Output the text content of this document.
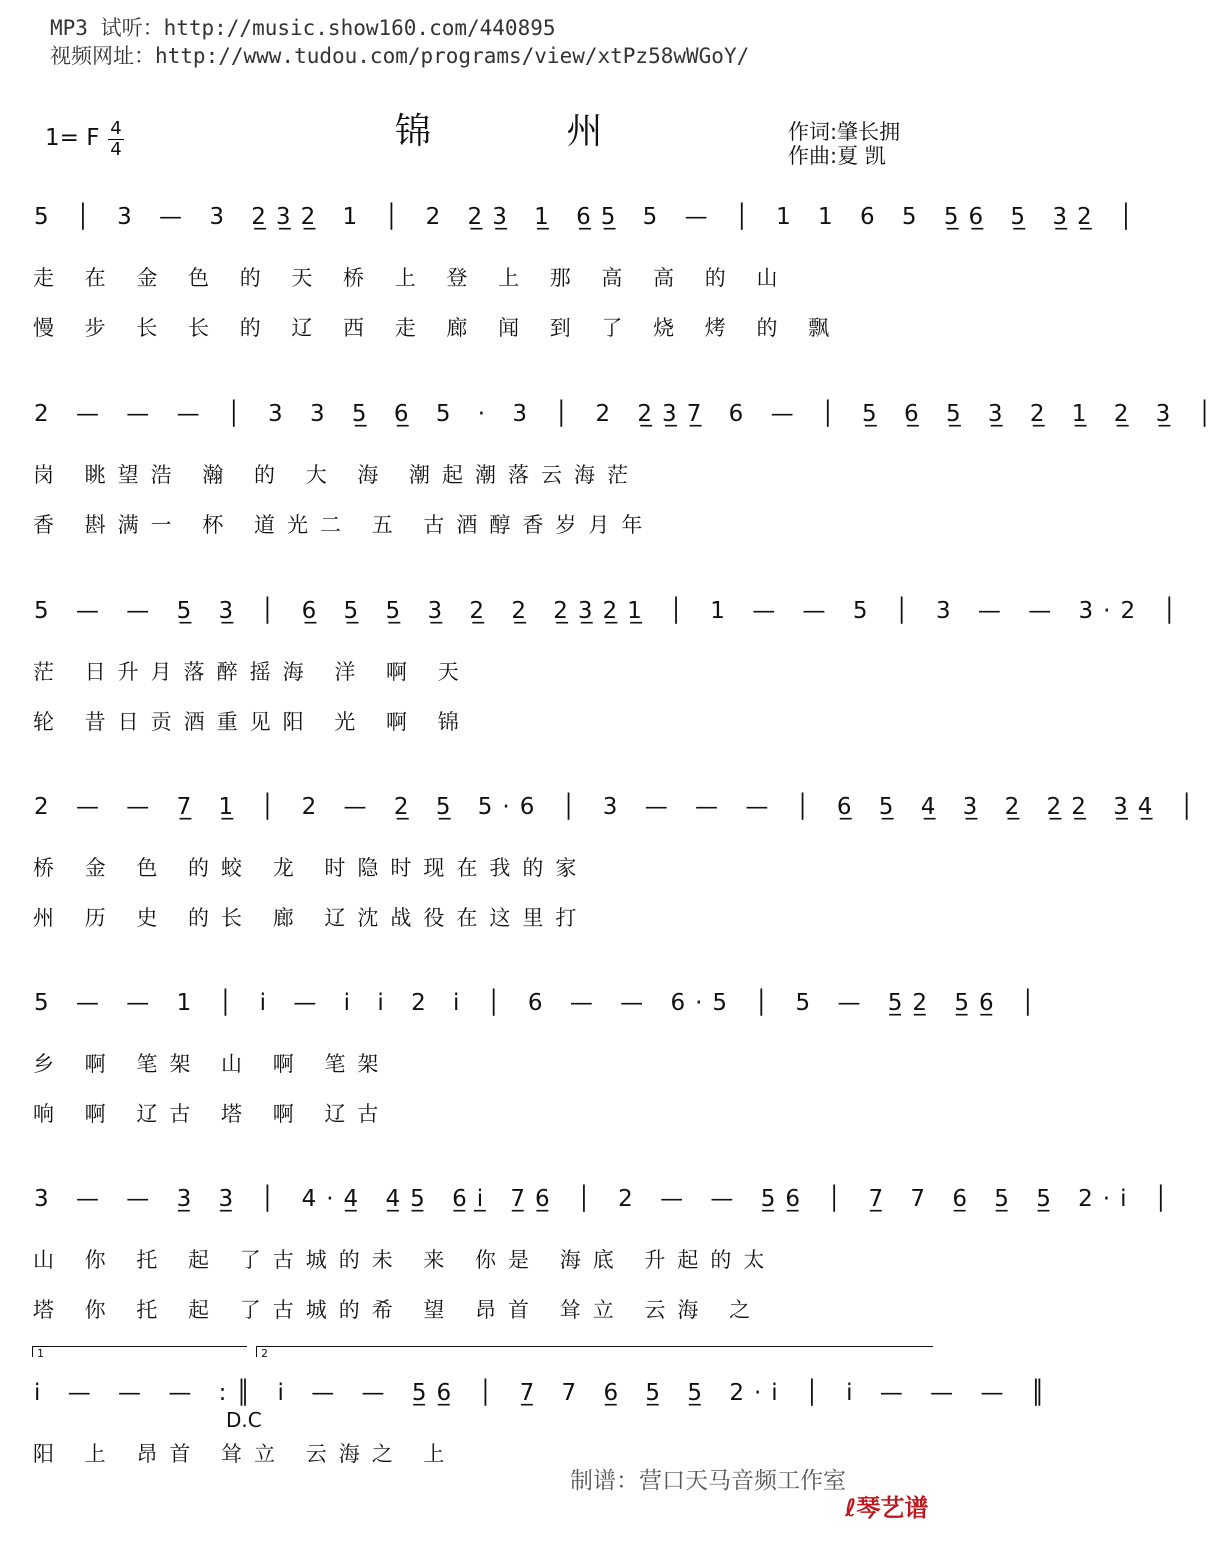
MP3 试听：http://music.show160.com/440895
视频网址：http://www.tudou.com/programs/view/xtPz58wWGoY/
1= F 4
4	锦 州	作词:肇长拥
作曲:夏 凯
5 │ 3 — 3 2̲3̲2̲ 1 │ 2 2̲3̲ 1̲ 6̲5̲ 5 — │ 1 1 6 5 5̲6̲ 5̲ 3̲2̲ │
走 在 金 色 的 天 桥 上 登 上 那 高 高 的 山
慢 步 长 长 的 辽 西 走 廊 闻 到 了 烧 烤 的 飘
2 — — — │ 3 3 5̲ 6̲ 5 · 3 │ 2 2̲3̲7̲ 6 — │ 5̲ 6̲ 5̲ 3̲ 2̲ 1̲ 2̲ 3̲ │
岗 眺望浩 瀚 的 大 海 潮起潮落云海茫
香 斟满一 杯 道光二 五 古酒醇香岁月年
5 — — 5̲ 3̲ │ 6̲ 5̲ 5̲ 3̲ 2̲ 2̲ 2̲3̲2̲1̲ │ 1 — — 5 │ 3 — — 3·2 │
茫 日升月落醉摇海 洋 啊 天
轮 昔日贡酒重见阳 光 啊 锦
2 — — 7̲ 1̲ │ 2 — 2̲ 5̲ 5·6 │ 3 — — — │ 6̲ 5̲ 4̲ 3̲ 2̲ 2̲2̲ 3̲4̲ │
桥 金 色 的蛟 龙 时隐时现在我的家
州 历 史 的长 廊 辽沈战役在这里打
5 — — 1 │ i — i i 2 i │ 6 — — 6·5 │ 5 — 5̲2̲ 5̲6̲ │
乡 啊 笔架 山 啊 笔架
响 啊 辽古 塔 啊 辽古
3 — — 3̲ 3̲ │ 4·4̲ 4̲5̲ 6̲i̲ 7̲6̲ │ 2 — — 5̲6̲ │ 7̲ 7 6̲ 5̲ 5̲ 2·i │
山 你 托 起 了古城的未 来 你是 海底 升起的太
塔 你 托 起 了古城的希 望 昂首 耸立 云海 之
1	2
i — — — :║ i — — 5̲6̲ │ 7̲ 7 6̲ 5̲ 5̲ 2·i │ i — — — ║
阳 上 昂首 耸立 云海之 上
D.C
制谱：营口天马音频工作室
ℓ琴艺谱
